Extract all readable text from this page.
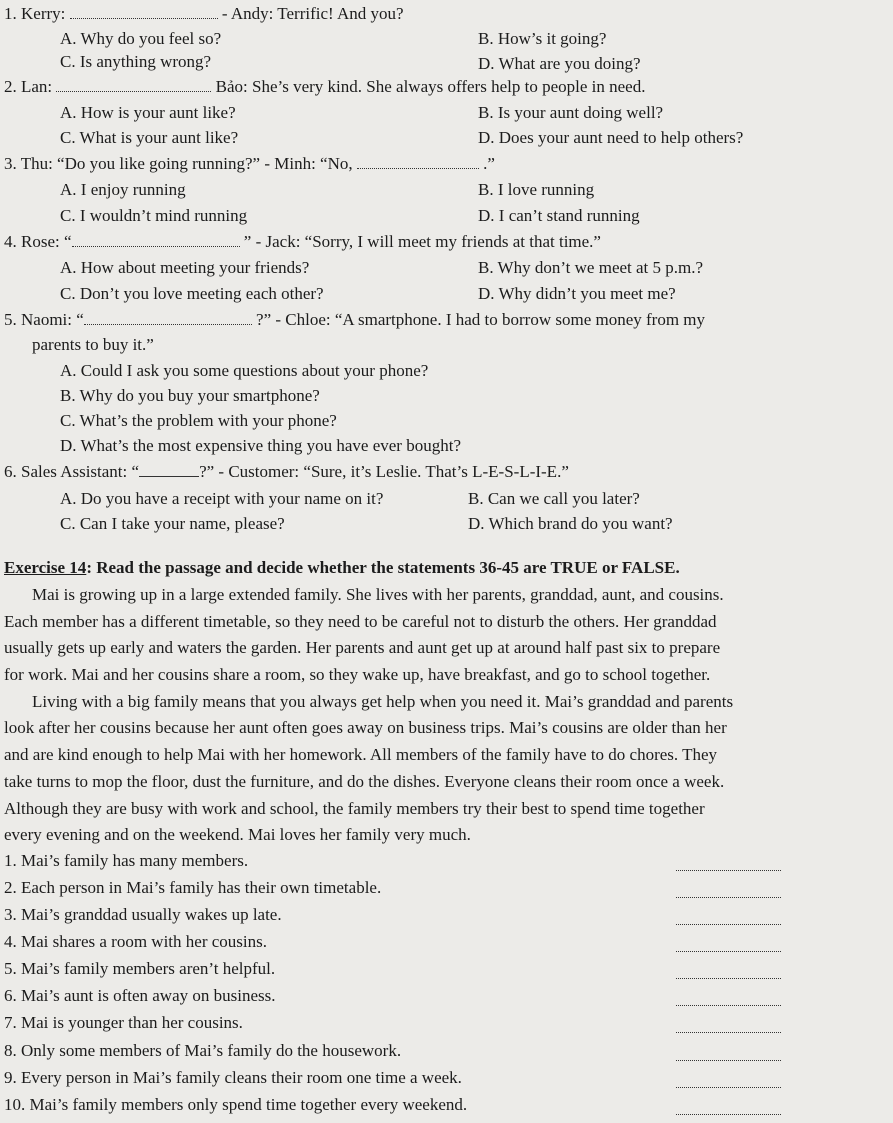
1. Kerry:	- Andy: Terrific! And you?
A. Why do you feel so?	B. How’s it going?
C. Is anything wrong?	D. What are you doing?
2. Lan:	Bảo: She’s very kind. She always offers help to people in need.
A. How is your aunt like?	B. Is your aunt doing well?
C. What is your aunt like?	D. Does your aunt need to help others?
3. Thu: “Do you like going running?” - Minh: “No,	.”
A. I enjoy running	B. I love running
C. I wouldn’t mind running	D. I can’t stand running
4. Rose: “	” - Jack: “Sorry, I will meet my friends at that time.”
A. How about meeting your friends?	B. Why don’t we meet at 5 p.m.?
C. Don’t you love meeting each other?	D. Why didn’t you meet me?
5. Naomi: “	?” - Chloe: “A smartphone. I had to borrow some money from my
parents to buy it.”
A. Could I ask you some questions about your phone?
B. Why do you buy your smartphone?
C. What’s the problem with your phone?
D. What’s the most expensive thing you have ever bought?
6. Sales Assistant: “	?” - Customer: “Sure, it’s Leslie. That’s L-E-S-L-I-E.”
A. Do you have a receipt with your name on it?	B. Can we call you later?
C. Can I take your name, please?	D. Which brand do you want?
Exercise 14: Read the passage and decide whether the statements 36-45 are TRUE or FALSE.
Mai is growing up in a large extended family. She lives with her parents, granddad, aunt, and cousins.
Each member has a different timetable, so they need to be careful not to disturb the others. Her granddad
usually gets up early and waters the garden. Her parents and aunt get up at around half past six to prepare
for work. Mai and her cousins share a room, so they wake up, have breakfast, and go to school together.
Living with a big family means that you always get help when you need it. Mai’s granddad and parents
look after her cousins because her aunt often goes away on business trips. Mai’s cousins are older than her
and are kind enough to help Mai with her homework. All members of the family have to do chores. They
take turns to mop the floor, dust the furniture, and do the dishes. Everyone cleans their room once a week.
Although they are busy with work and school, the family members try their best to spend time together
every evening and on the weekend. Mai loves her family very much.
1. Mai’s family has many members.
2. Each person in Mai’s family has their own timetable.
3. Mai’s granddad usually wakes up late.
4. Mai shares a room with her cousins.
5. Mai’s family members aren’t helpful.
6. Mai’s aunt is often away on business.
7. Mai is younger than her cousins.
8. Only some members of Mai’s family do the housework.
9. Every person in Mai’s family cleans their room one time a week.
10. Mai’s family members only spend time together every weekend.
